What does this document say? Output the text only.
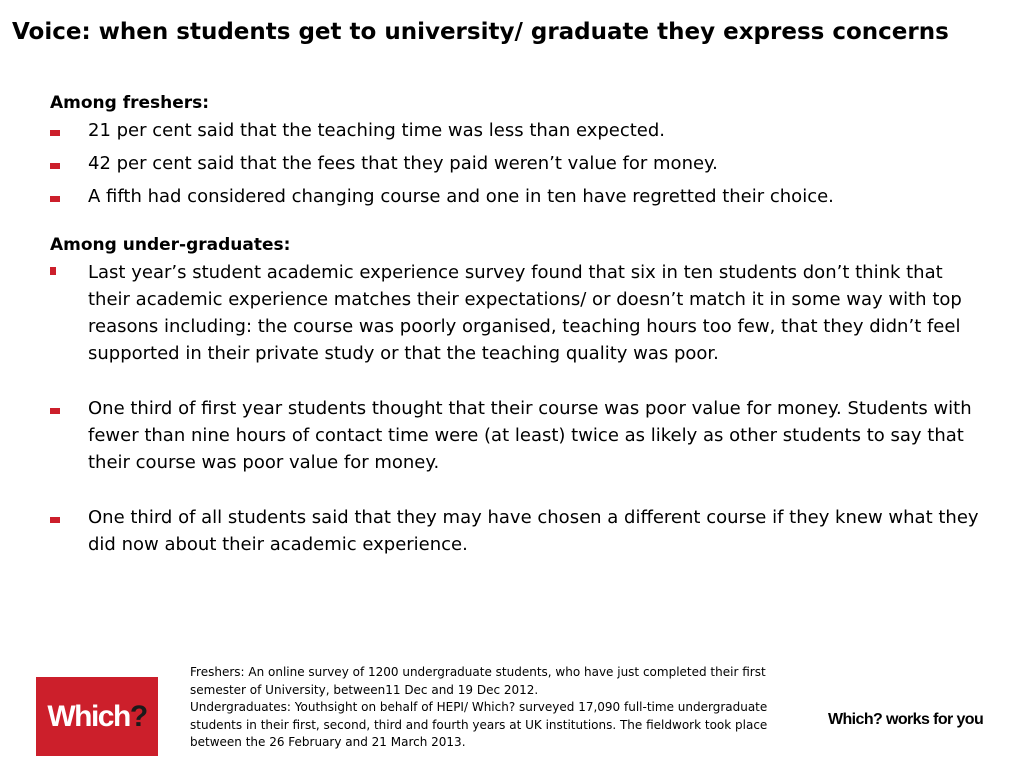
Voice: when students get to university/ graduate they express concerns

Among freshers:

21 per cent said that the teaching time was less than expected.
42 per cent said that the fees that they paid weren’t value for money.
A fifth had considered changing course and one in ten have regretted their choice.

Among under-graduates:

Last year’s student academic experience survey found that six in ten students don’t think that their academic experience matches their expectations/ or doesn’t match it in some way with top reasons including: the course was poorly organised, teaching hours too few, that they didn’t feel supported in their private study or that the teaching quality was poor.
One third of first year students thought that their course was poor value for money. Students with fewer than nine hours of contact time were (at least) twice as likely as other students to say that their course was poor value for money.
One third of all students said that they may have chosen a different course if they knew what they did now about their academic experience.
Which ?

Freshers: An online survey of 1200 undergraduate students, who have just completed their first semester of University, between11 Dec and 19 Dec 2012.

Undergraduates: Youthsight on behalf of HEPI/ Which? surveyed 17,090 full-time undergraduate students in their first, second, third and fourth years at UK institutions. The fieldwork took place between the 26 February and 21 March 2013.

Which? works for you
